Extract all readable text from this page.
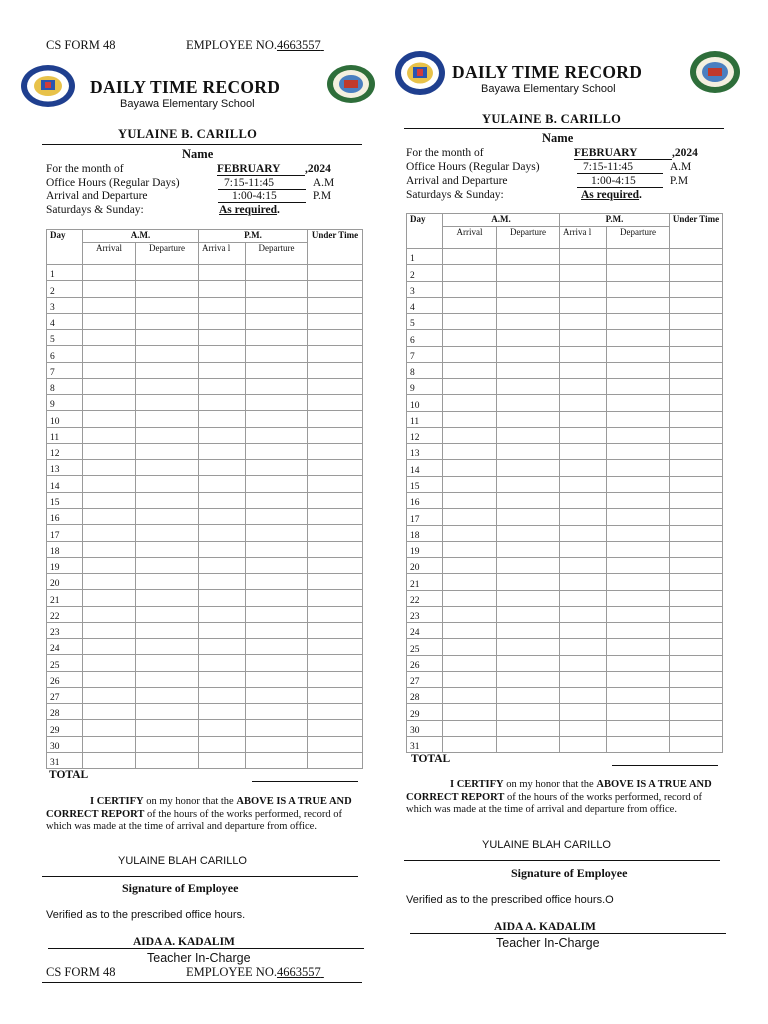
CS FORM 48	EMPLOYEE NO.4663557
DAILY TIME RECORD
Bayawa Elementary School
YULAINE B. CARILLO
Name
For the month of	FEBRUARY ,2024
Office Hours (Regular Days)	7:15-11:45	A.M
Arrival and Departure	1:00-4:15	P.M
Saturdays & Sunday:	As required.
Day	A.M.		P.M.		Under Time
	Arrival	Departure	Arriva l	Departure	
1					
2					
3					
4					
5					
6					
7					
8					
9					
10					
11					
12					
13					
14					
15					
16					
17					
18					
19					
20					
21					
22					
23					
24					
25					
26					
27					
28					
29					
30					
31					
TOTAL
I CERTIFY on my honor that the ABOVE IS A TRUE AND CORRECT REPORT of the hours of the works performed, record of which was made at the time of arrival and departure from office.
YULAINE BLAH CARILLO
Signature of Employee
Verified as to the prescribed office hours.
AIDA A. KADALIM
Teacher In-Charge
CS FORM 48	EMPLOYEE NO.4663557
DAILY TIME RECORD
Bayawa Elementary School
YULAINE B. CARILLO
Name
For the month of	FEBRUARY	,2024
Office Hours (Regular Days)	7:15-11:45	A.M
Arrival and Departure	1:00-4:15	P.M
Saturdays & Sunday:	As required.
Day	A.M.		P.M.		Under Time
	Arrival	Departure	Arriva l	Departure	
1					
2					
3					
4					
5					
6					
7					
8					
9					
10					
11					
12					
13					
14					
15					
16					
17					
18					
19					
20					
21					
22					
23					
24					
25					
26					
27					
28					
29					
30					
31					
TOTAL
I CERTIFY on my honor that the ABOVE IS A TRUE AND CORRECT REPORT of the hours of the works performed, record of which was made at the time of arrival and departure from office.
YULAINE BLAH CARILLO
Signature of Employee
Verified as to the prescribed office hours.O
AIDA A. KADALIM
Teacher In-Charge
